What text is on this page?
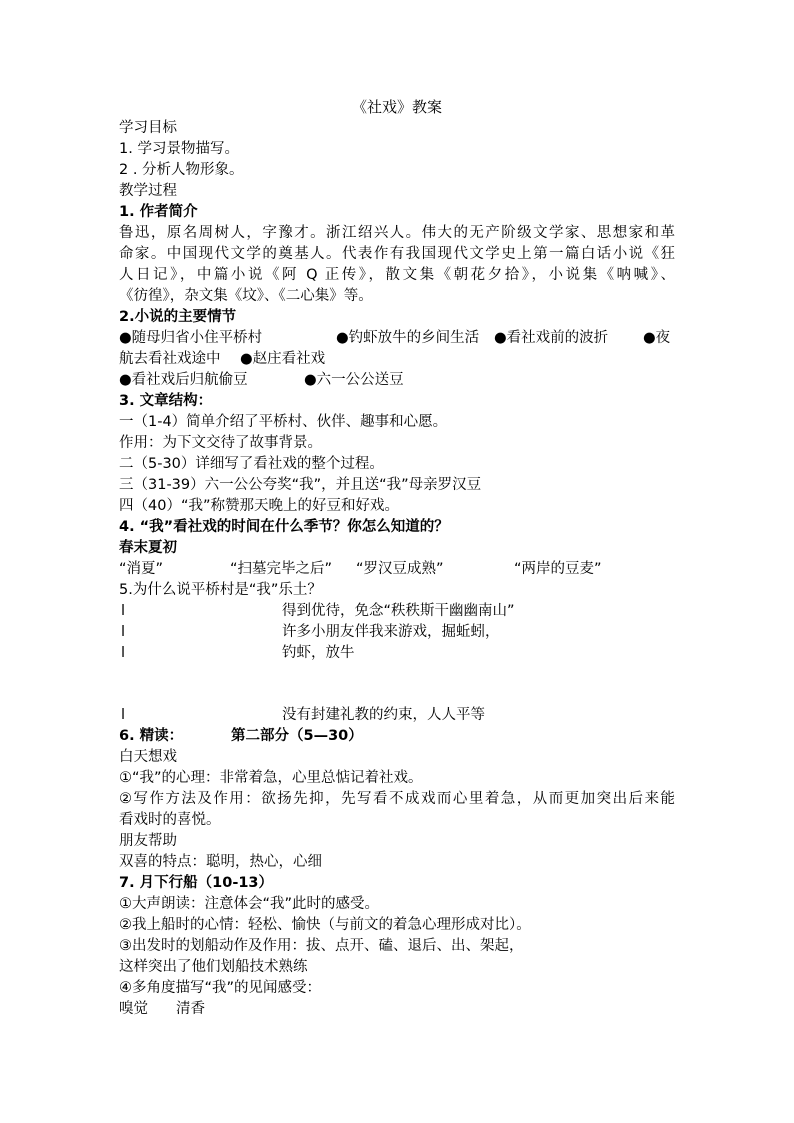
《社戏》教案
学习目标
1. 学习景物描写。
2 . 分析人物形象。
教学过程
1. 作者简介
鲁迅，原名周树人，字豫才。浙江绍兴人。伟大的无产阶级文学家、思想家和革
命家。中国现代文学的奠基人。代表作有我国现代文学史上第一篇白话小说《狂
人日记》，中篇小说《阿 Q 正传》，散文集《朝花夕拾》，小说集《呐喊》、
《彷徨》，杂文集《坟》、《二心集》等。
2.小说的主要情节
●随母归省小住平桥村	●钓虾放牛的乡间生活 ●看社戏前的波折 ●夜
航去看社戏途中 ●赵庄看社戏
●看社戏后归航偷豆	●六一公公送豆
3. 文章结构：
一（1-4）简单介绍了平桥村、伙伴、趣事和心愿。
作用：为下文交待了故事背景。
二（5-30）详细写了看社戏的整个过程。
三（31-39）六一公公夸奖“我”，并且送“我”母亲罗汉豆
四（40）“我”称赞那天晚上的好豆和好戏。
4. “我”看社戏的时间在什么季节？你怎么知道的？
春末夏初
“消夏”	“扫墓完毕之后” “罗汉豆成熟”	“两岸的豆麦”
5.为什么说平桥村是“我”乐土？
l	得到优待，免念“秩秩斯干幽幽南山”
l	许多小朋友伴我来游戏，掘蚯蚓，
l	钓虾，放牛
l	没有封建礼教的约束，人人平等
6. 精读：	第二部分（5—30）
白天想戏
①“我”的心理：非常着急，心里总惦记着社戏。
②写作方法及作用：欲扬先抑，先写看不成戏而心里着急，从而更加突出后来能
看戏时的喜悦。
朋友帮助
双喜的特点：聪明，热心，心细
7. 月下行船（10-13）
①大声朗读：注意体会“我”此时的感受。
②我上船时的心情：轻松、愉快（与前文的着急心理形成对比）。
③出发时的划船动作及作用：拔、点开、磕、退后、出、架起，
这样突出了他们划船技术熟练
④多角度描写“我”的见闻感受：
嗅觉 清香
